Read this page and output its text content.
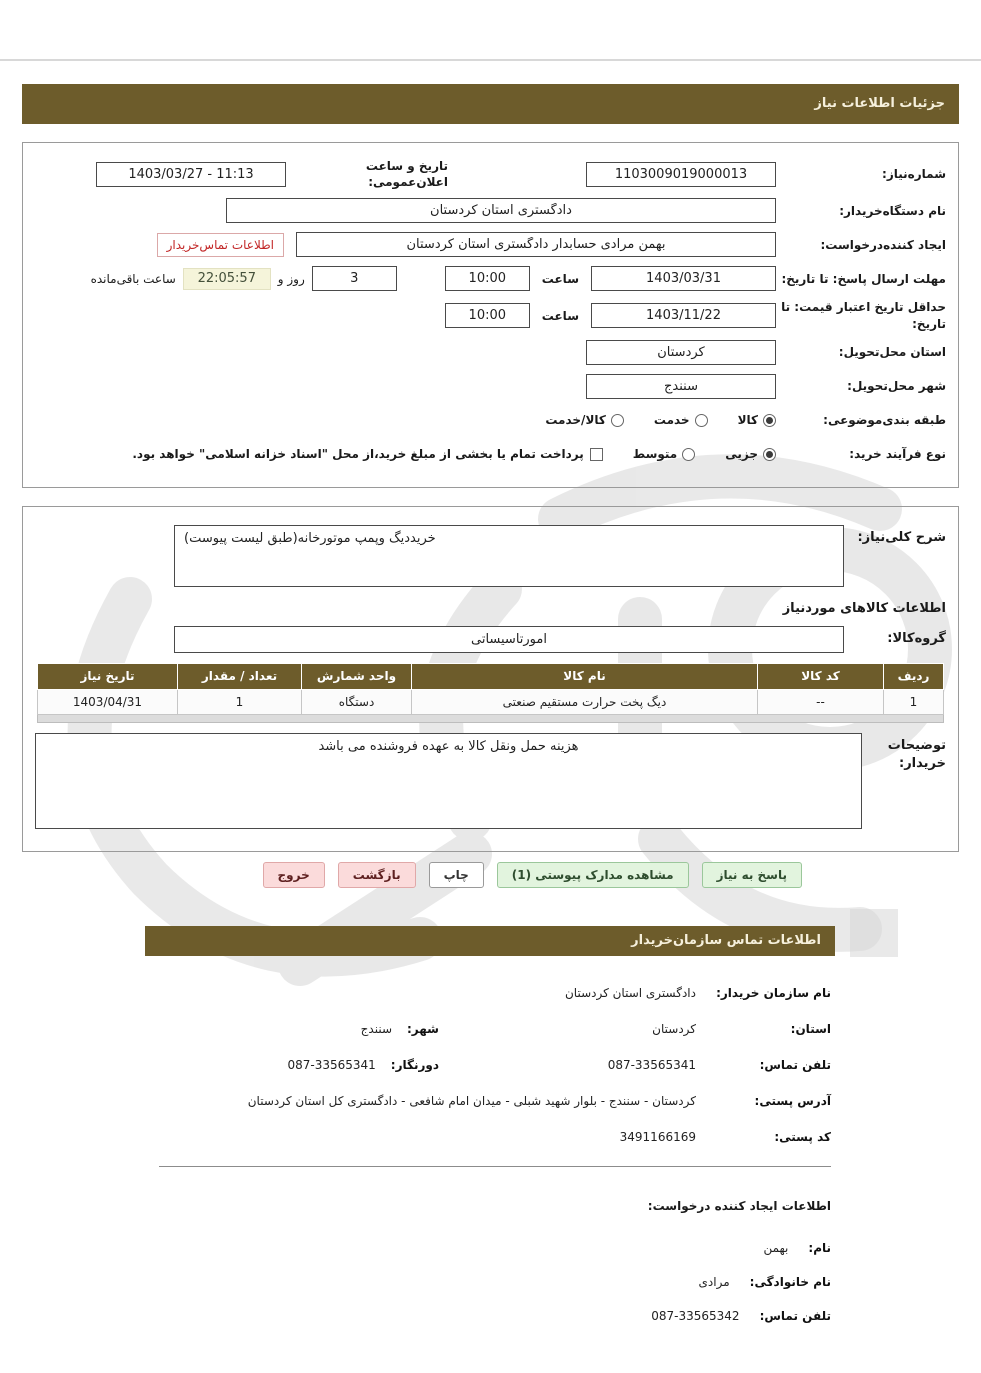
جزئیات اطلاعات نیاز
شماره‌نیاز:
1103009019000013
تاریخ و ساعت اعلان‌عمومی:
1403/03/27 - 11:13
نام دستگاه‌خریدار:
دادگستری استان کردستان
ایجاد کننده‌درخواست:
بهمن مرادی حسابدار دادگستری استان کردستان
اطلاعات تماس‌خریدار
مهلت ارسال پاسخ: تا تاریخ:
1403/03/31
ساعت
10:00
3
روز و
22:05:57
ساعت باقی‌مانده
حداقل تاریخ اعتبار قیمت: تا تاریخ:
1403/11/22
ساعت
10:00
استان محل‌تحویل:
کردستان
شهر محل‌تحویل:
سنندج
طبقه بندی‌موضوعی:
کالا
خدمت
کالا/خدمت
نوع فرآیند خرید:
جزیی
متوسط
پرداخت تمام یا بخشی از مبلغ خرید،از محل "اسناد خزانه اسلامی" خواهد بود.
شرح کلی‌نیاز:
خریددیگ وپمپ موتورخانه(طبق لیست پیوست)
اطلاعات کالاهای موردنیاز
گروه‌کالا:
امورتاسیساتی
ردیف	کد کالا	نام کالا	واحد شمارش	تعداد / مقدار	تاریخ نیاز
1	--	دیگ پخت حرارت مستقیم صنعتی	دستگاه	1	1403/04/31
توضیحات خریدار:
هزینه حمل ونقل کالا به عهده فروشنده می باشد
پاسخ به نیاز
مشاهده مدارک پیوستی (1)
چاپ
بازگشت
خروج
اطلاعات تماس سازمان‌خریدار
نام سازمان خریدار:
دادگستری استان کردستان
استان:
کردستان
شهر:
سنندج
تلفن تماس:
087-33565341
دورنگار:
087-33565341
آدرس پستی:
کردستان - سنندج - بلوار شهید شبلی - میدان امام شافعی - دادگستری کل استان کردستان
کد پستی:
3491166169
اطلاعات ایجاد کننده درخواست:
نام:
بهمن
نام خانوادگی:
مرادی
تلفن تماس:
087-33565342
